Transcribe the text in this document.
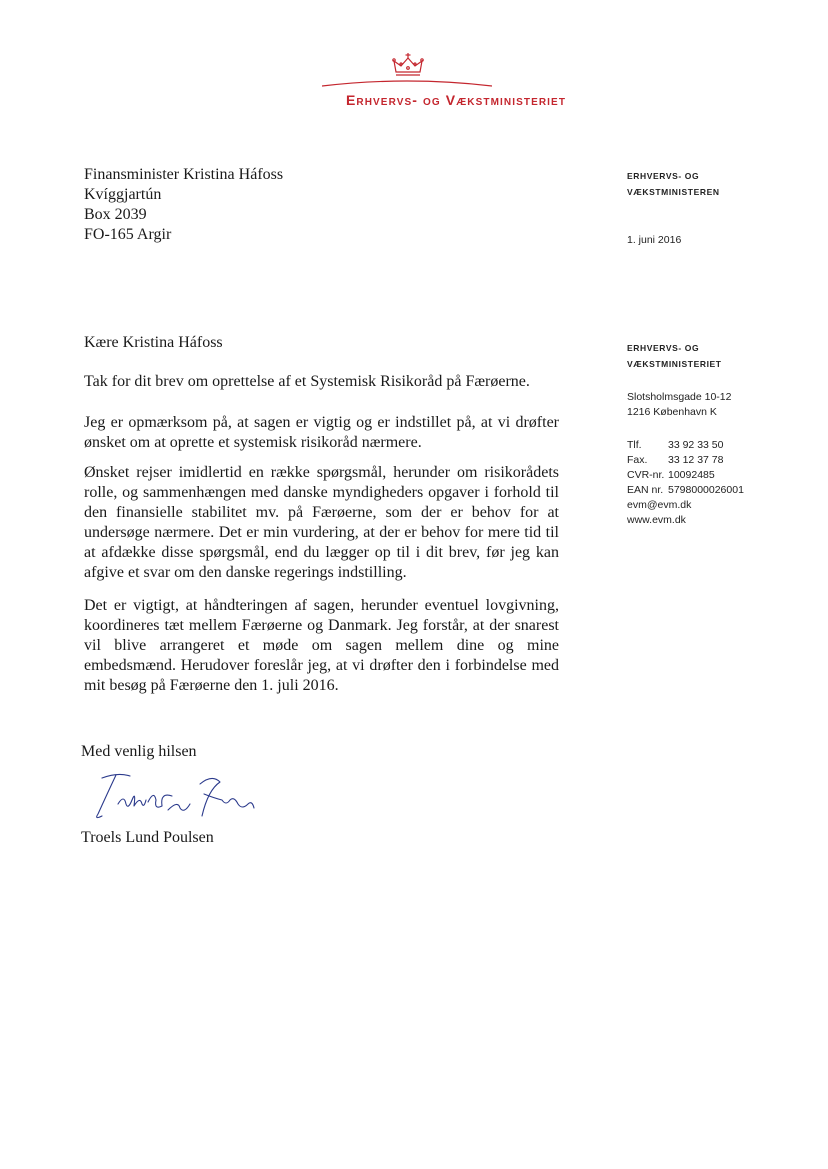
Erhvervs- og Vækstministeriet
Finansminister Kristina Háfoss
Kvíggjartún
Box 2039
FO-165 Argir
ERHVERVS- OG
VÆKSTMINISTEREN
1. juni 2016
ERHVERVS- OG
VÆKSTMINISTERIET
Slotsholmsgade 10-12
1216 København K
Tlf.	33 92 33 50
Fax.	33 12 37 78
CVR-nr. 10092485
EAN nr. 5798000026001
evm@evm.dk
www.evm.dk
Kære Kristina Háfoss

Tak for dit brev om oprettelse af et Systemisk Risikoråd på Færøerne.

Jeg er opmærksom på, at sagen er vigtig og er indstillet på, at vi drøfter ønsket om at oprette et systemisk risikoråd nærmere.

Ønsket rejser imidlertid en række spørgsmål, herunder om risikorådets rolle, og sammenhængen med danske myndigheders opgaver i forhold til den finansielle stabilitet mv. på Færøerne, som der er behov for at undersøge nærmere. Det er min vurdering, at der er behov for mere tid til at afdække disse spørgsmål, end du lægger op til i dit brev, før jeg kan afgive et svar om den danske regerings indstilling.

Det er vigtigt, at håndteringen af sagen, herunder eventuel lovgivning, koordineres tæt mellem Færøerne og Danmark. Jeg forstår, at der snarest vil blive arrangeret et møde om sagen mellem dine og mine embedsmænd. Herudover foreslår jeg, at vi drøfter den i forbindelse med mit besøg på Færøerne den 1. juli 2016.

Med venlig hilsen
Troels Lund Poulsen
